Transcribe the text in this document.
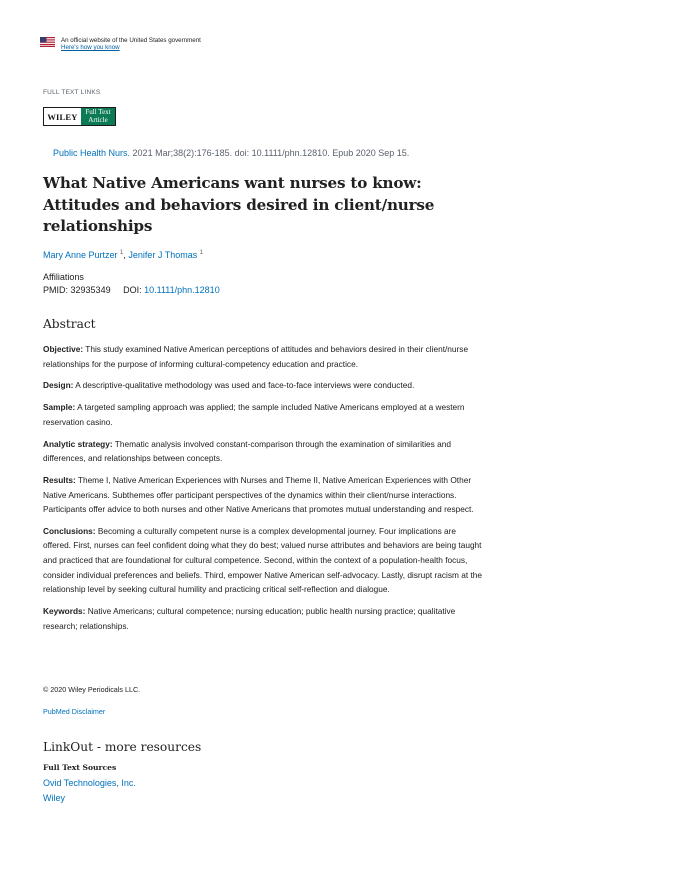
An official website of the United States government
Here's how you know
FULL TEXT LINKS
WILEY	Full Text
Article
Public Health Nurs. 2021 Mar;38(2):176-185. doi: 10.1111/phn.12810. Epub 2020 Sep 15.
What Native Americans want nurses to know: Attitudes and behaviors desired in client/nurse relationships
Mary Anne Purtzer $^1$, Jenifer J Thomas $^1$
Affiliations
PMID: 32935349 DOI: 10.1111/phn.12810
Abstract

Objective: This study examined Native American perceptions of attitudes and behaviors desired in their client/nurse relationships for the purpose of informing cultural-competency education and practice.

Design: A descriptive-qualitative methodology was used and face-to-face interviews were conducted.

Sample: A targeted sampling approach was applied; the sample included Native Americans employed at a western reservation casino.

Analytic strategy: Thematic analysis involved constant-comparison through the examination of similarities and differences, and relationships between concepts.

Results: Theme I, Native American Experiences with Nurses and Theme II, Native American Experiences with Other Native Americans. Subthemes offer participant perspectives of the dynamics within their client/nurse interactions. Participants offer advice to both nurses and other Native Americans that promotes mutual understanding and respect.

Conclusions: Becoming a culturally competent nurse is a complex developmental journey. Four implications are offered. First, nurses can feel confident doing what they do best; valued nurse attributes and behaviors are being taught and practiced that are foundational for cultural competence. Second, within the context of a population-health focus, consider individual preferences and beliefs. Third, empower Native American self-advocacy. Lastly, disrupt racism at the relationship level by seeking cultural humility and practicing critical self-reflection and dialogue.

Keywords: Native Americans; cultural competence; nursing education; public health nursing practice; qualitative research; relationships.

© 2020 Wiley Periodicals LLC.
PubMed Disclaimer
LinkOut - more resources
Full Text Sources
Ovid Technologies, Inc.
Wiley
